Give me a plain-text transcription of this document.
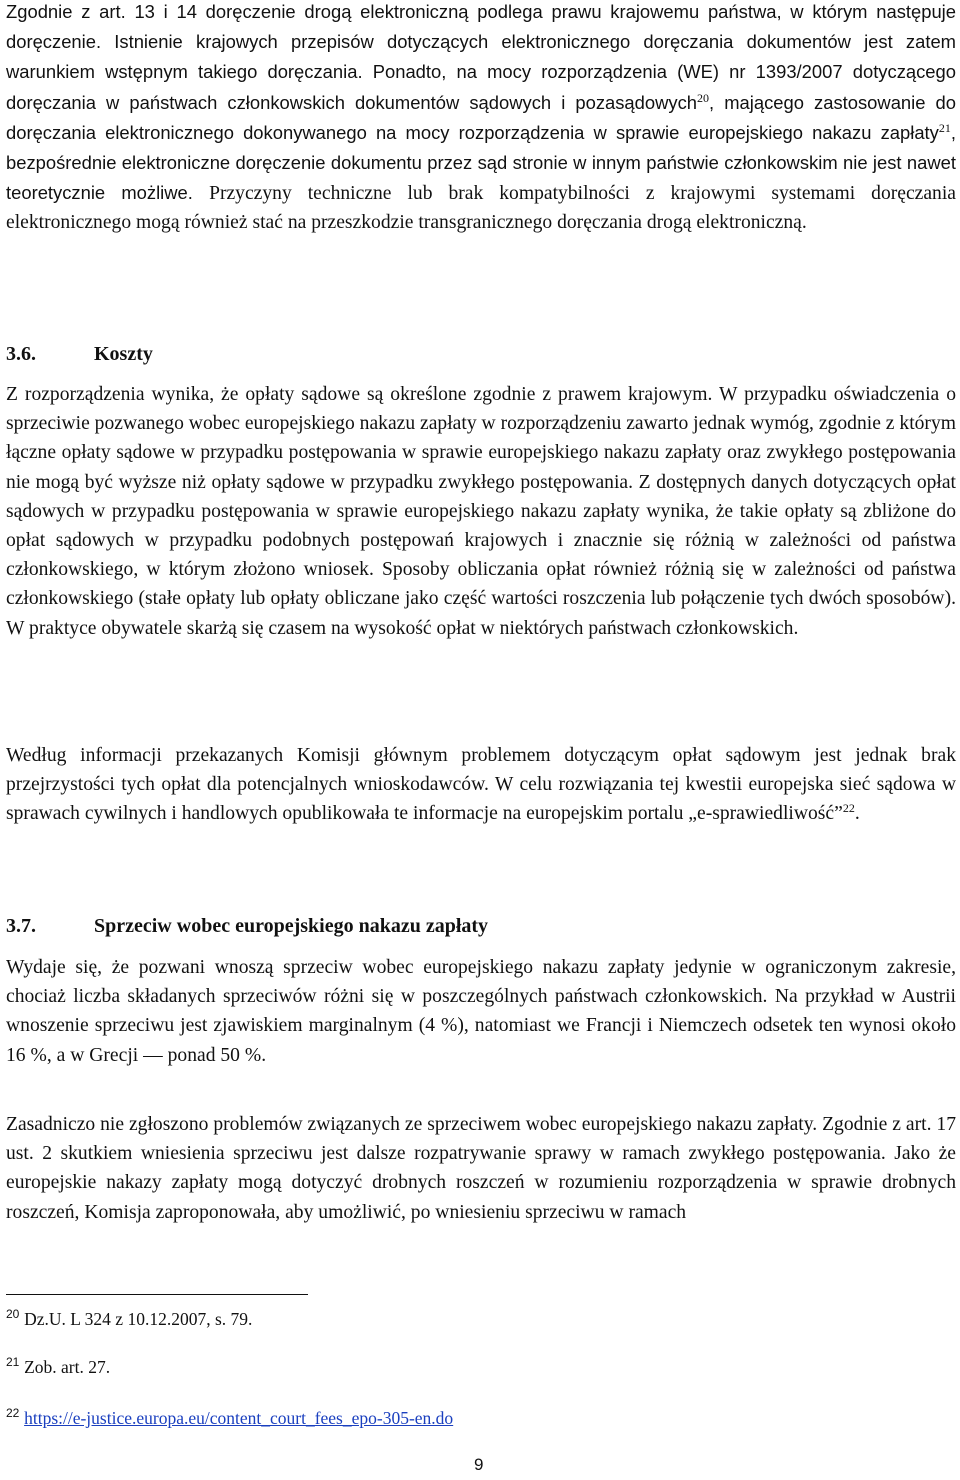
Zgodnie z art. 13 i 14 doręczenie drogą elektroniczną podlega prawu krajowemu państwa, w którym następuje doręczenie. Istnienie krajowych przepisów dotyczących elektronicznego doręczania dokumentów jest zatem warunkiem wstępnym takiego doręczania. Ponadto, na mocy rozporządzenia (WE) nr 1393/2007 dotyczącego doręczania w państwach członkowskich dokumentów sądowych i pozasądowych$^{20}$, mającego zastosowanie do doręczania elektronicznego dokonywanego na mocy rozporządzenia w sprawie europejskiego nakazu zapłaty$^{21}$, bezpośrednie elektroniczne doręczenie dokumentu przez sąd stronie w innym państwie członkowskim nie jest nawet teoretycznie możliwe. Przyczyny techniczne lub brak kompatybilności z krajowymi systemami doręczania elektronicznego mogą również stać na przeszkodzie transgranicznego doręczania drogą elektroniczną.

3.6.	Koszty

Z rozporządzenia wynika, że opłaty sądowe są określone zgodnie z prawem krajowym. W przypadku oświadczenia o sprzeciwie pozwanego wobec europejskiego nakazu zapłaty w rozporządzeniu zawarto jednak wymóg, zgodnie z którym łączne opłaty sądowe w przypadku postępowania w sprawie europejskiego nakazu zapłaty oraz zwykłego postępowania nie mogą być wyższe niż opłaty sądowe w przypadku zwykłego postępowania. Z dostępnych danych dotyczących opłat sądowych w przypadku postępowania w sprawie europejskiego nakazu zapłaty wynika, że takie opłaty są zbliżone do opłat sądowych w przypadku podobnych postępowań krajowych i znacznie się różnią w zależności od państwa członkowskiego, w którym złożono wniosek. Sposoby obliczania opłat również różnią się w zależności od państwa członkowskiego (stałe opłaty lub opłaty obliczane jako część wartości roszczenia lub połączenie tych dwóch sposobów). W praktyce obywatele skarżą się czasem na wysokość opłat w niektórych państwach członkowskich.

Według informacji przekazanych Komisji głównym problemem dotyczącym opłat sądowym jest jednak brak przejrzystości tych opłat dla potencjalnych wnioskodawców. W celu rozwiązania tej kwestii europejska sieć sądowa w sprawach cywilnych i handlowych opublikowała te informacje na europejskim portalu „e-sprawiedliwość”$^{22}$.

3.7.	Sprzeciw wobec europejskiego nakazu zapłaty

Wydaje się, że pozwani wnoszą sprzeciw wobec europejskiego nakazu zapłaty jedynie w ograniczonym zakresie, chociaż liczba składanych sprzeciwów różni się w poszczególnych państwach członkowskich. Na przykład w Austrii wnoszenie sprzeciwu jest zjawiskiem marginalnym (4 %), natomiast we Francji i Niemczech odsetek ten wynosi około 16 %, a w Grecji — ponad 50 %.

Zasadniczo nie zgłoszono problemów związanych ze sprzeciwem wobec europejskiego nakazu zapłaty. Zgodnie z art. 17 ust. 2 skutkiem wniesienia sprzeciwu jest dalsze rozpatrywanie sprawy w ramach zwykłego postępowania. Jako że europejskie nakazy zapłaty mogą dotyczyć drobnych roszczeń w rozumieniu rozporządzenia w sprawie drobnych roszczeń, Komisja zaproponowała, aby umożliwić, po wniesieniu sprzeciwu w ramach

$^{20}$ Dz.U. L 324 z 10.12.2007, s. 79.
$^{21}$ Zob. art. 27.
$^{22}$ https://e-justice.europa.eu/content_court_fees_epo-305-en.do
9
